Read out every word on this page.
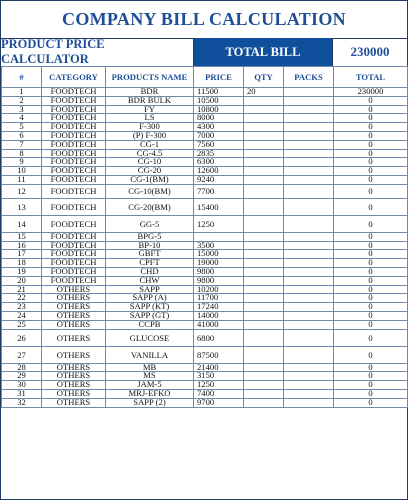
COMPANY BILL CALCULATION
PRODUCT PRICE CALCULATOR
TOTAL BILL	230000
#	CATEGORY	PRODUCTS NAME	PRICE	QTY	PACKS	TOTAL
1	FOODTECH	BDR	11500	20		230000
2	FOODTECH	BDR BULK	10500			0
3	FOODTECH	FY	10800			0
4	FOODTECH	LS	8000			0
5	FOODTECH	F-300	4300			0
6	FOODTECH	(P) F-300	7000			0
7	FOODTECH	CG-1	7560			0
8	FOODTECH	CG-4.5	2835			0
9	FOODTECH	CG-10	6300			0
10	FOODTECH	CG-20	12600			0
11	FOODTECH	CG-1(BM)	9240			0
12	FOODTECH	CG-10(BM)	7700			0
13	FOODTECH	CG-20(BM)	15400			0
14	FOODTECH	GG-5	1250			0
15	FOODTECH	BPG-5				0
16	FOODTECH	BP-10	3500			0
17	FOODTECH	GBFT	15000			0
18	FOODTECH	CPFT	19000			0
19	FOODTECH	CHD	9800			0
20	FOODTECH	CHW	9800			0
21	OTHERS	SAPP	10200			0
22	OTHERS	SAPP (A)	11700			0
23	OTHERS	SAPP (KT)	17240			0
24	OTHERS	SAPP (GT)	14000			0
25	OTHERS	CCPB	41000			0
26	OTHERS	GLUCOSE	6800			0
27	OTHERS	VANILLA	87500			0
28	OTHERS	MB	21400			0
29	OTHERS	MS	3150			0
30	OTHERS	JAM-5	1250			0
31	OTHERS	MRJ-EFKO	7400			0
32	OTHERS	SAPP (2)	9700			0
